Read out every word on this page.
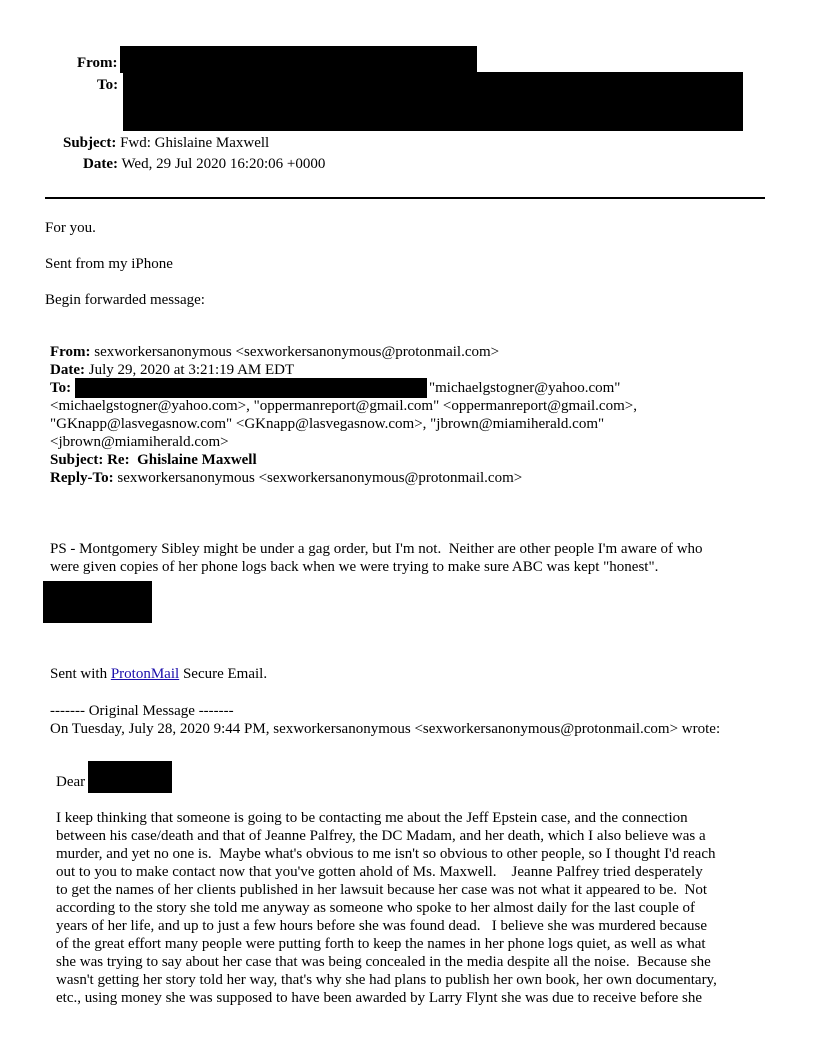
From:
To:
Subject: Fwd: Ghislaine Maxwell
Date: Wed, 29 Jul 2020 16:20:06 +0000
For you.
Sent from my iPhone
Begin forwarded message:
From: sexworkersanonymous <sexworkersanonymous@protonmail.com>
Date: July 29, 2020 at 3:21:19 AM EDT
To:	"michaelgstogner@yahoo.com"
<michaelgstogner@yahoo.com>, "oppermanreport@gmail.com" <oppermanreport@gmail.com>,
"GKnapp@lasvegasnow.com" <GKnapp@lasvegasnow.com>, "jbrown@miamiherald.com"
<jbrown@miamiherald.com>
Subject: Re:  Ghislaine Maxwell
Reply-To: sexworkersanonymous <sexworkersanonymous@protonmail.com>
PS - Montgomery Sibley might be under a gag order, but I'm not.  Neither are other people I'm aware of who
were given copies of her phone logs back when we were trying to make sure ABC was kept "honest".
Sent with ProtonMail Secure Email.
------- Original Message -------
On Tuesday, July 28, 2020 9:44 PM, sexworkersanonymous <sexworkersanonymous@protonmail.com> wrote:
Dear
I keep thinking that someone is going to be contacting me about the Jeff Epstein case, and the connection
between his case/death and that of Jeanne Palfrey, the DC Madam, and her death, which I also believe was a
murder, and yet no one is.  Maybe what's obvious to me isn't so obvious to other people, so I thought I'd reach
out to you to make contact now that you've gotten ahold of Ms. Maxwell.    Jeanne Palfrey tried desperately
to get the names of her clients published in her lawsuit because her case was not what it appeared to be.  Not
according to the story she told me anyway as someone who spoke to her almost daily for the last couple of
years of her life, and up to just a few hours before she was found dead.   I believe she was murdered because
of the great effort many people were putting forth to keep the names in her phone logs quiet, as well as what
she was trying to say about her case that was being concealed in the media despite all the noise.  Because she
wasn't getting her story told her way, that's why she had plans to publish her own book, her own documentary,
etc., using money she was supposed to have been awarded by Larry Flynt she was due to receive before she
